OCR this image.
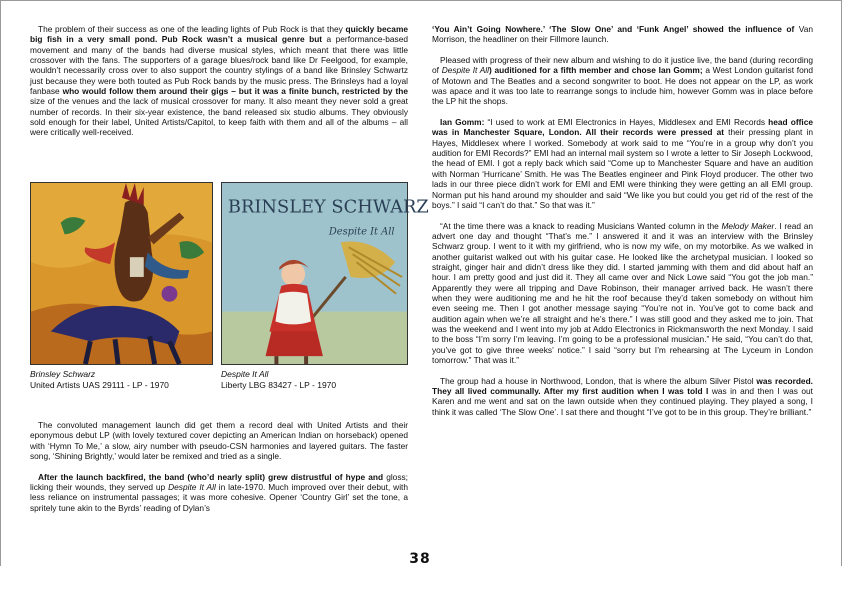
The problem of their success as one of the leading lights of Pub Rock is that they quickly became big fish in a very small pond. Pub Rock wasn’t a musical genre but a performance-based movement and many of the bands had diverse musical styles, which meant that there was little crossover with the fans. The supporters of a garage blues/rock band like Dr Feelgood, for example, wouldn’t necessarily cross over to also support the country stylings of a band like Brinsley Schwartz just because they were both touted as Pub Rock bands by the music press. The Brinsleys had a loyal fanbase who would follow them around their gigs – but it was a finite bunch, restricted by the size of the venues and the lack of musical crossover for many. It also meant they never sold a great number of records. In their six-year existence, the band released six studio albums. They obviously sold enough for their label, United Artists/Capitol, to keep faith with them and all of the albums – all were critically well-received.

Brinsley Schwarz
United Artists UAS 29111 - LP - 1970
BRINSLEY SCHWARZ
Despite It All
Despite It All
Liberty LBG 83427 - LP - 1970

The convoluted management launch did get them a record deal with United Artists and their eponymous debut LP (with lovely textured cover depicting an American Indian on horseback) opened with ‘Hymn To Me,’ a slow, airy number with pseudo-CSN harmonies and layered guitars. The faster song, ‘Shining Brightly,’ would later be remixed and tried as a single.

After the launch backfired, the band (who’d nearly split) grew distrustful of hype and gloss; licking their wounds, they served up Despite It All in late-1970. Much improved over their debut, with less reliance on instrumental passages; it was more cohesive. Opener ‘Country Girl’ set the tone, a spritely tune akin to the Byrds’ reading of Dylan’s

‘You Ain’t Going Nowhere.’ ‘The Slow One’ and ‘Funk Angel’ showed the influence of Van Morrison, the headliner on their Fillmore launch.

Pleased with progress of their new album and wishing to do it justice live, the band (during recording of Despite It All) auditioned for a fifth member and chose Ian Gomm; a West London guitarist fond of Motown and The Beatles and a second songwriter to boot. He does not appear on the LP, as work was apace and it was too late to rearrange songs to include him, however Gomm was in place before the LP hit the shops.

Ian Gomm: “I used to work at EMI Electronics in Hayes, Middlesex and EMI Records head office was in Manchester Square, London. All their records were pressed at their pressing plant in Hayes, Middlesex where I worked. Somebody at work said to me “You’re in a group why don’t you audition for EMI Records?” EMI had an internal mail system so I wrote a letter to Sir Joseph Lockwood, the head of EMI. I got a reply back which said “Come up to Manchester Square and have an audition with Norman ‘Hurricane’ Smith. He was The Beatles engineer and Pink Floyd producer. The other two lads in our three piece didn’t work for EMI and EMI were thinking they were getting an all EMI group. Norman put his hand around my shoulder and said “We like you but could you get rid of the rest of the boys.” I said “I can’t do that.” So that was it.”

“At the time there was a knack to reading Musicians Wanted column in the Melody Maker. I read an advert one day and thought “That’s me.” I answered it and it was an interview with the Brinsley Schwarz group. I went to it with my girlfriend, who is now my wife, on my motorbike. As we walked in another guitarist walked out with his guitar case. He looked like the archetypal musician. I looked so straight, ginger hair and didn’t dress like they did. I started jamming with them and did about half an hour. I am pretty good and just did it. They all came over and Nick Lowe said “You got the job man.” Apparently they were all tripping and Dave Robinson, their manager arrived back. He wasn’t there when they were auditioning me and he hit the roof because they’d taken somebody on without him even seeing me. Then I got another message saying “You’re not in. You’ve got to come back and audition again when we’re all straight and he’s there.” I was still good and they asked me to join. That was the weekend and I went into my job at Addo Electronics in Rickmansworth the next Monday. I said to the boss “I’m sorry I’m leaving. I’m going to be a professional musician.” He said, “You can’t do that, you’ve got to give three weeks’ notice.” I said “sorry but I’m rehearsing at The Lyceum in London tomorrow.” That was it.”

The group had a house in Northwood, London, that is where the album Silver Pistol was recorded. They all lived communally. After my first audition when I was told I was in and then I was out Karen and me went and sat on the lawn outside when they continued playing. They played a song, I think it was called ‘The Slow One’. I sat there and thought “I’ve got to be in this group. They’re brilliant.”

38
